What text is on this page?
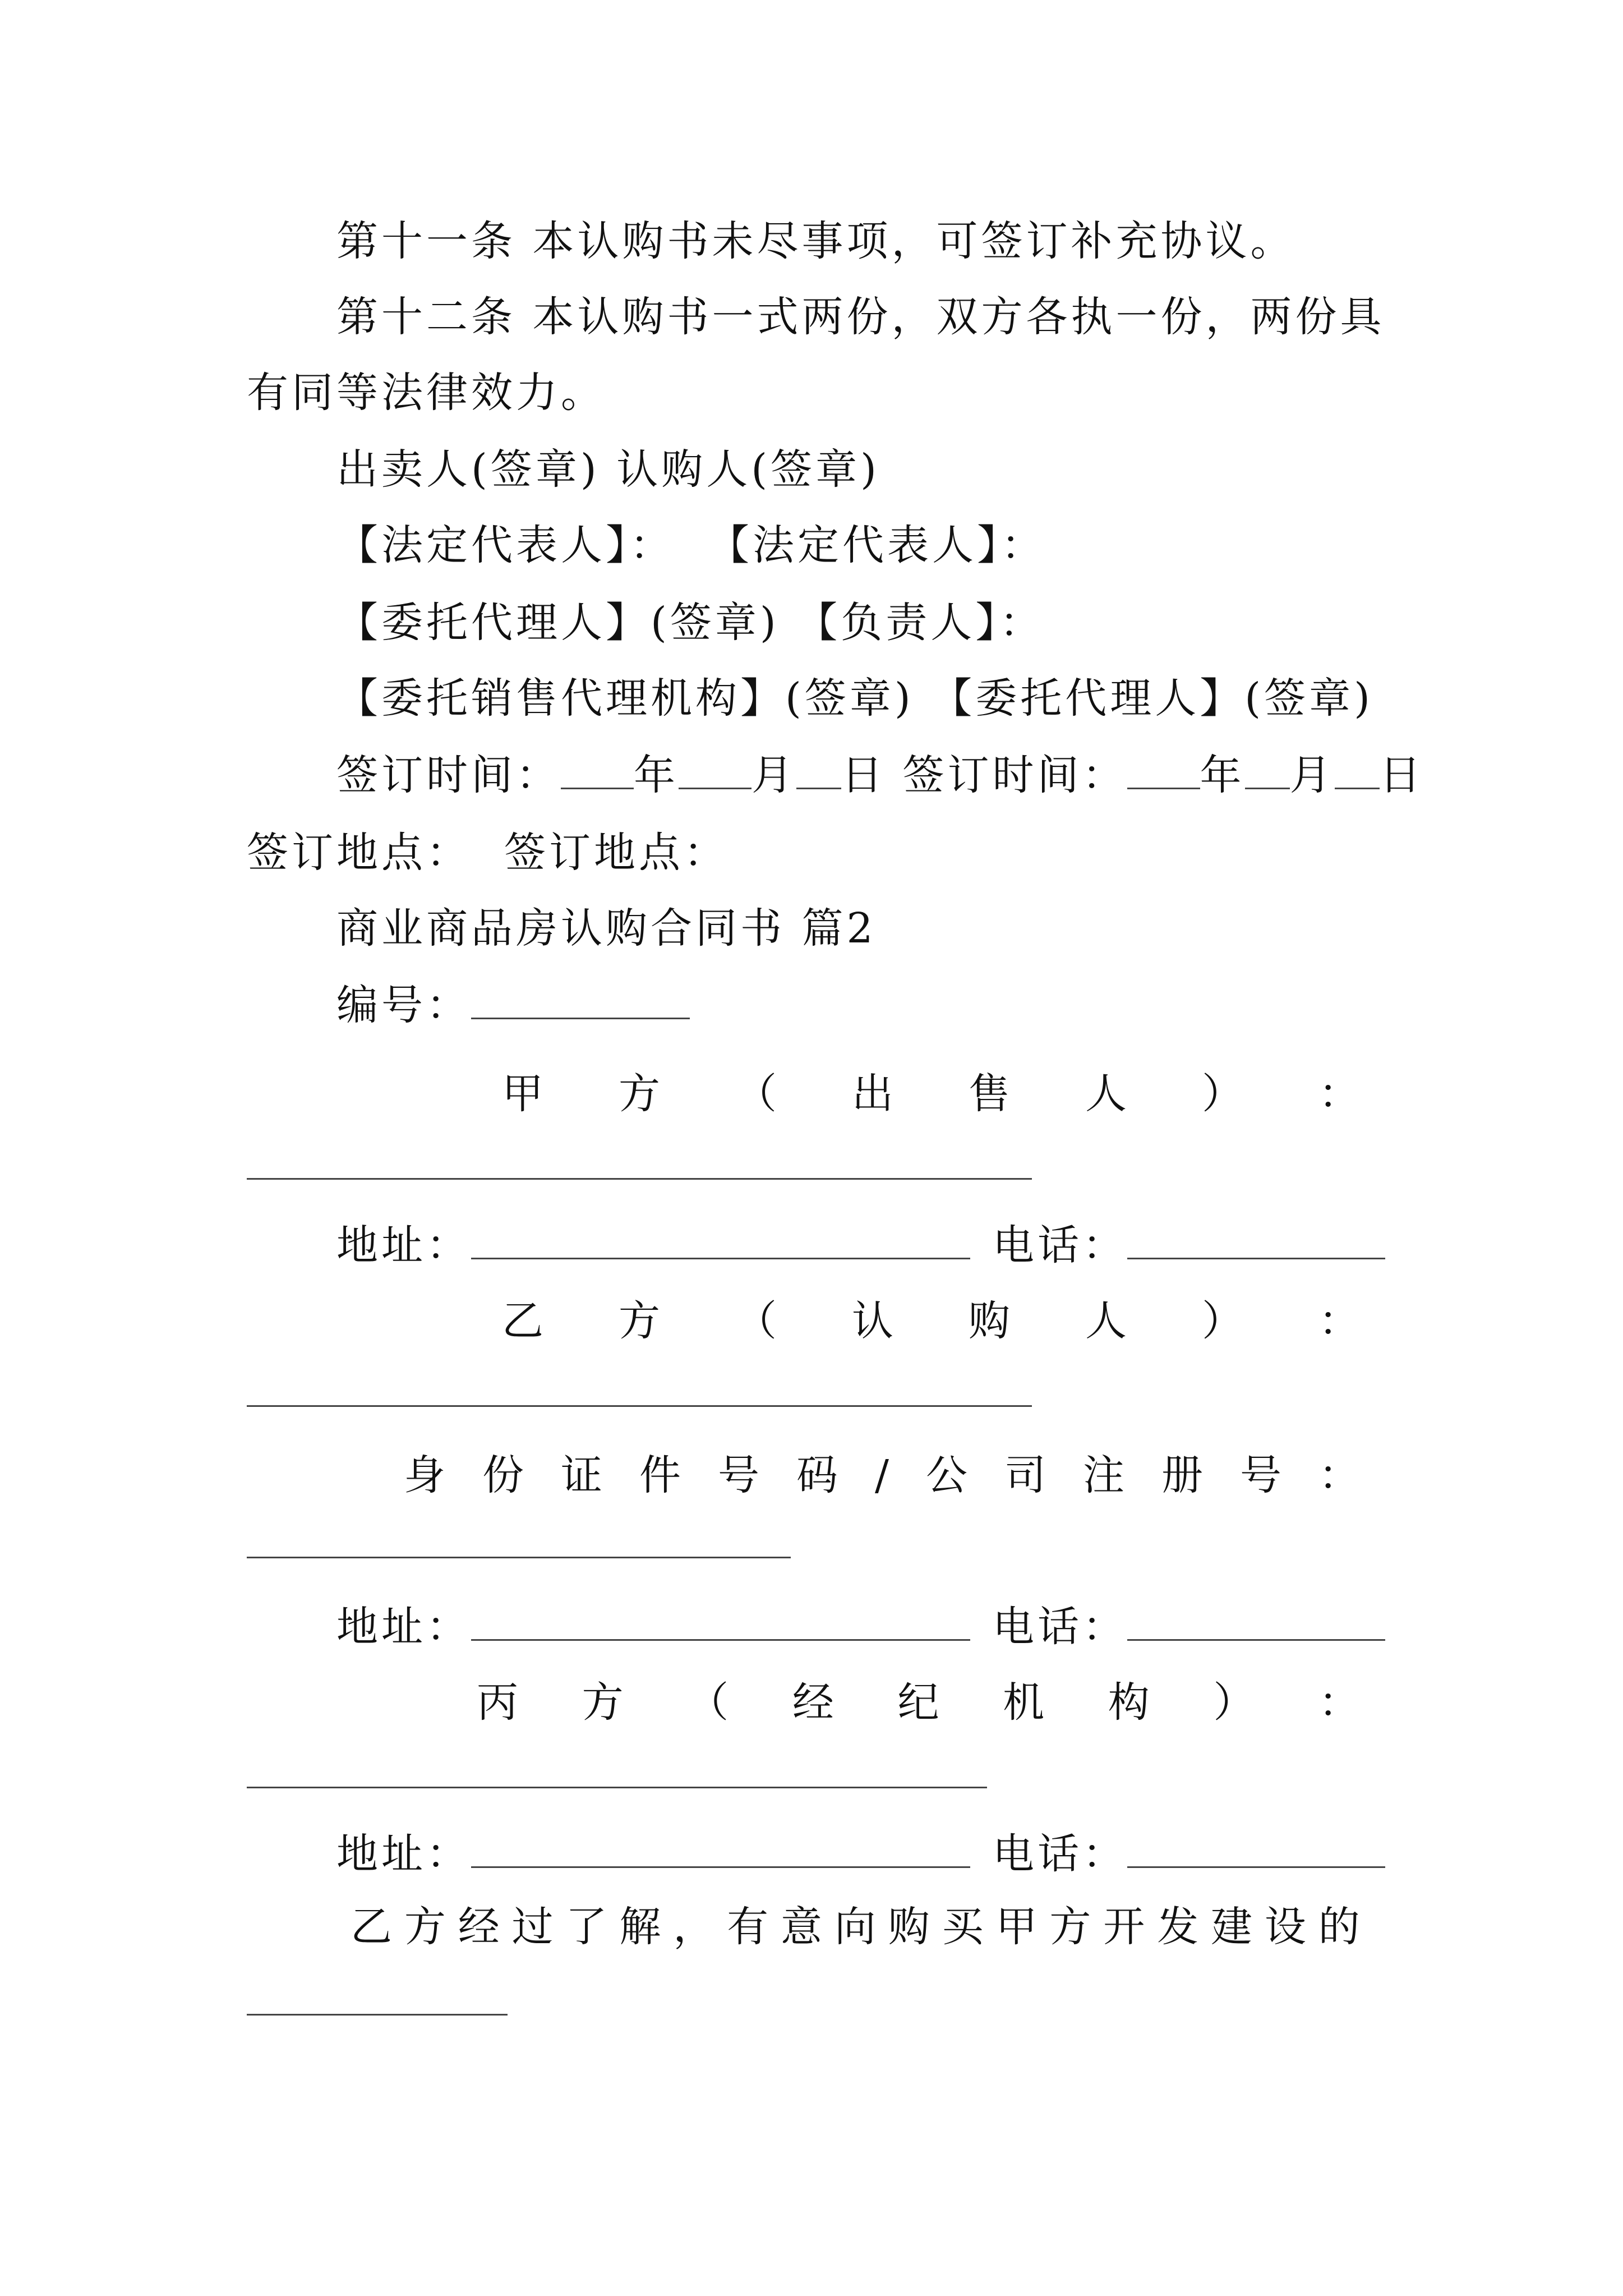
第十一条 本认购书未尽事项，可签订补充协议。
第十二条 本认购书一式两份，双方各执一份，两份具
有同等法律效力。
出卖人(签章) 认购人(签章)
【法定代表人】：  【法定代表人】：
【委托代理人】(签章) 【负责人】：
【委托销售代理机构】(签章) 【委托代理人】(签章)
签订时间： 年 月 日 签订时间： 年 月 日
签订地点：  签订地点：
商业商品房认购合同书 篇2
编号：
甲 方 （ 出 售 人 ） ：
地址：	电话：
乙 方 （ 认 购 人 ） ：
身 份 证 件 号 码 / 公 司 注 册 号 ：
地址：	电话：
丙 方 （ 经 纪 机 构 ） ：
地址：	电话：
乙 方 经 过 了 解 ， 有 意 向 购 买 甲 方 开 发 建 设 的
